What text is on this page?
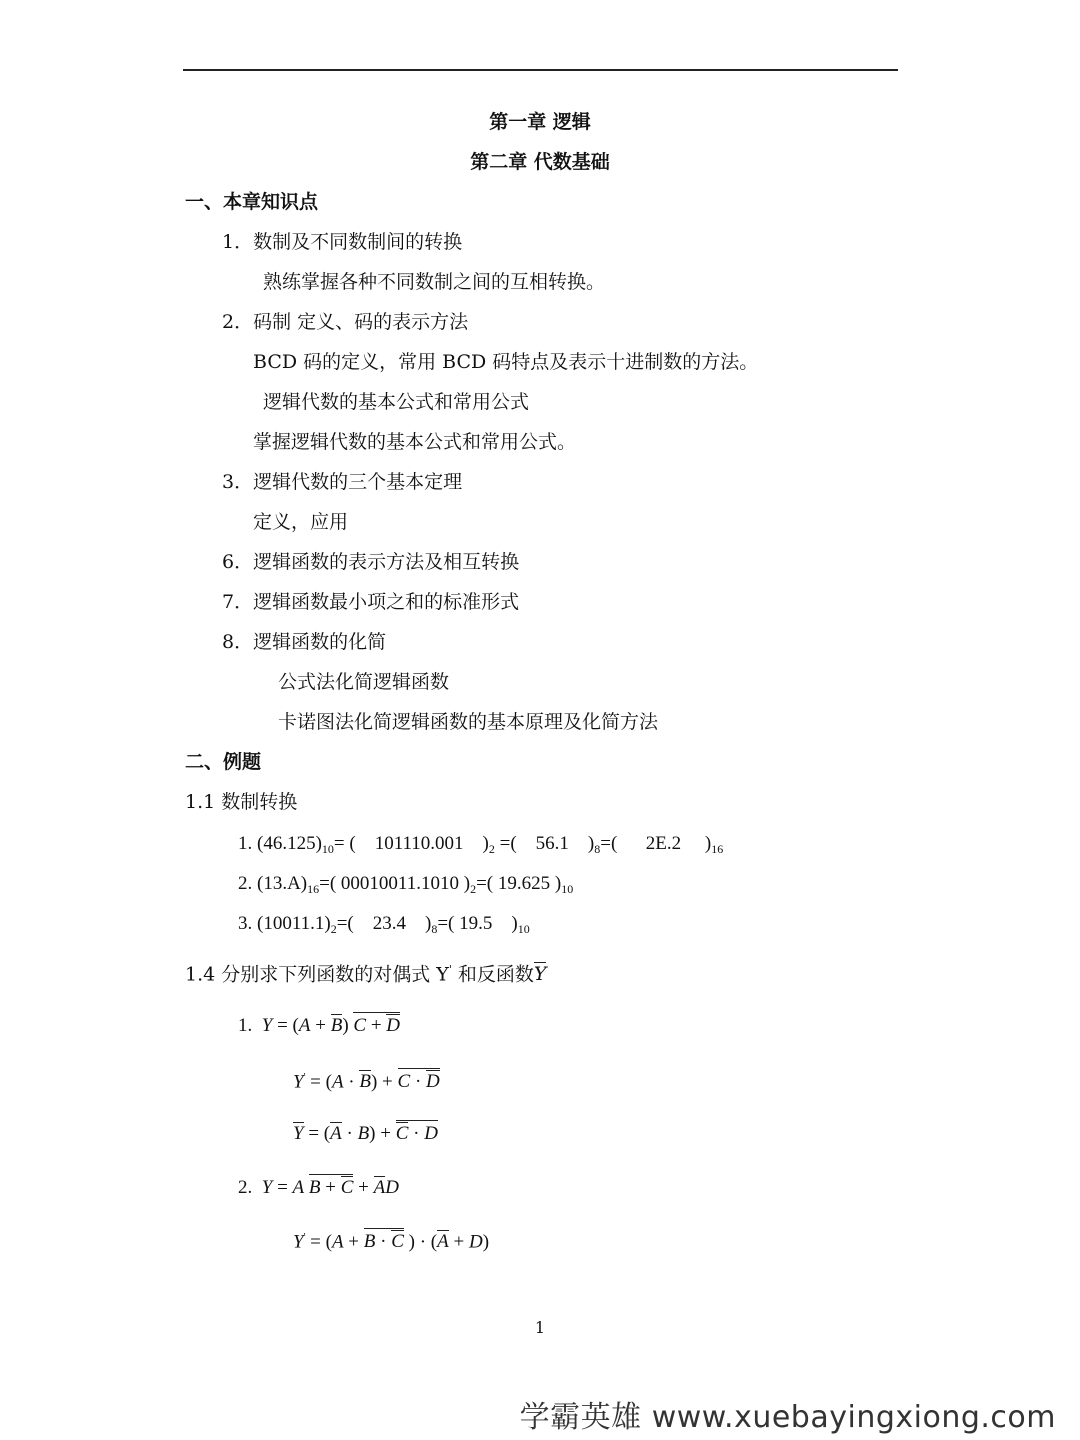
第一章 逻辑
第二章 代数基础
一、本章知识点
1．数制及不同数制间的转换
熟练掌握各种不同数制之间的互相转换。
2．码制 定义、码的表示方法
BCD 码的定义，常用 BCD 码特点及表示十进制数的方法。
逻辑代数的基本公式和常用公式
掌握逻辑代数的基本公式和常用公式。
3．逻辑代数的三个基本定理
定义，应用
6．逻辑函数的表示方法及相互转换
7．逻辑函数最小项之和的标准形式
8．逻辑函数的化简
公式法化简逻辑函数
卡诺图法化简逻辑函数的基本原理及化简方法
二、例题
1.1 数制转换
1. $(46.125)_{10}=$ (    101110.001    )$_2$ =(    56.1    )$_8=$(      2E.2     )$_{16}$
2. $(13.A)_{16}=$( 00010011.1010 )$_2=$( 19.625 )$_{10}$
3. $(10011.1)_2=$(    23.4    )$_8=$( 19.5    )$_{10}$
1.4 分别求下列函数的对偶式 Y' 和反函数Y
1.  Y = (A + B) C + D
Y' = (A · B) + C · D
Y = (A · B) + C · D
2.  Y = A B + C + AD
Y' = (A + B · C ) · (A + D)
1
学霸英雄 www.xuebayingxiong.com
